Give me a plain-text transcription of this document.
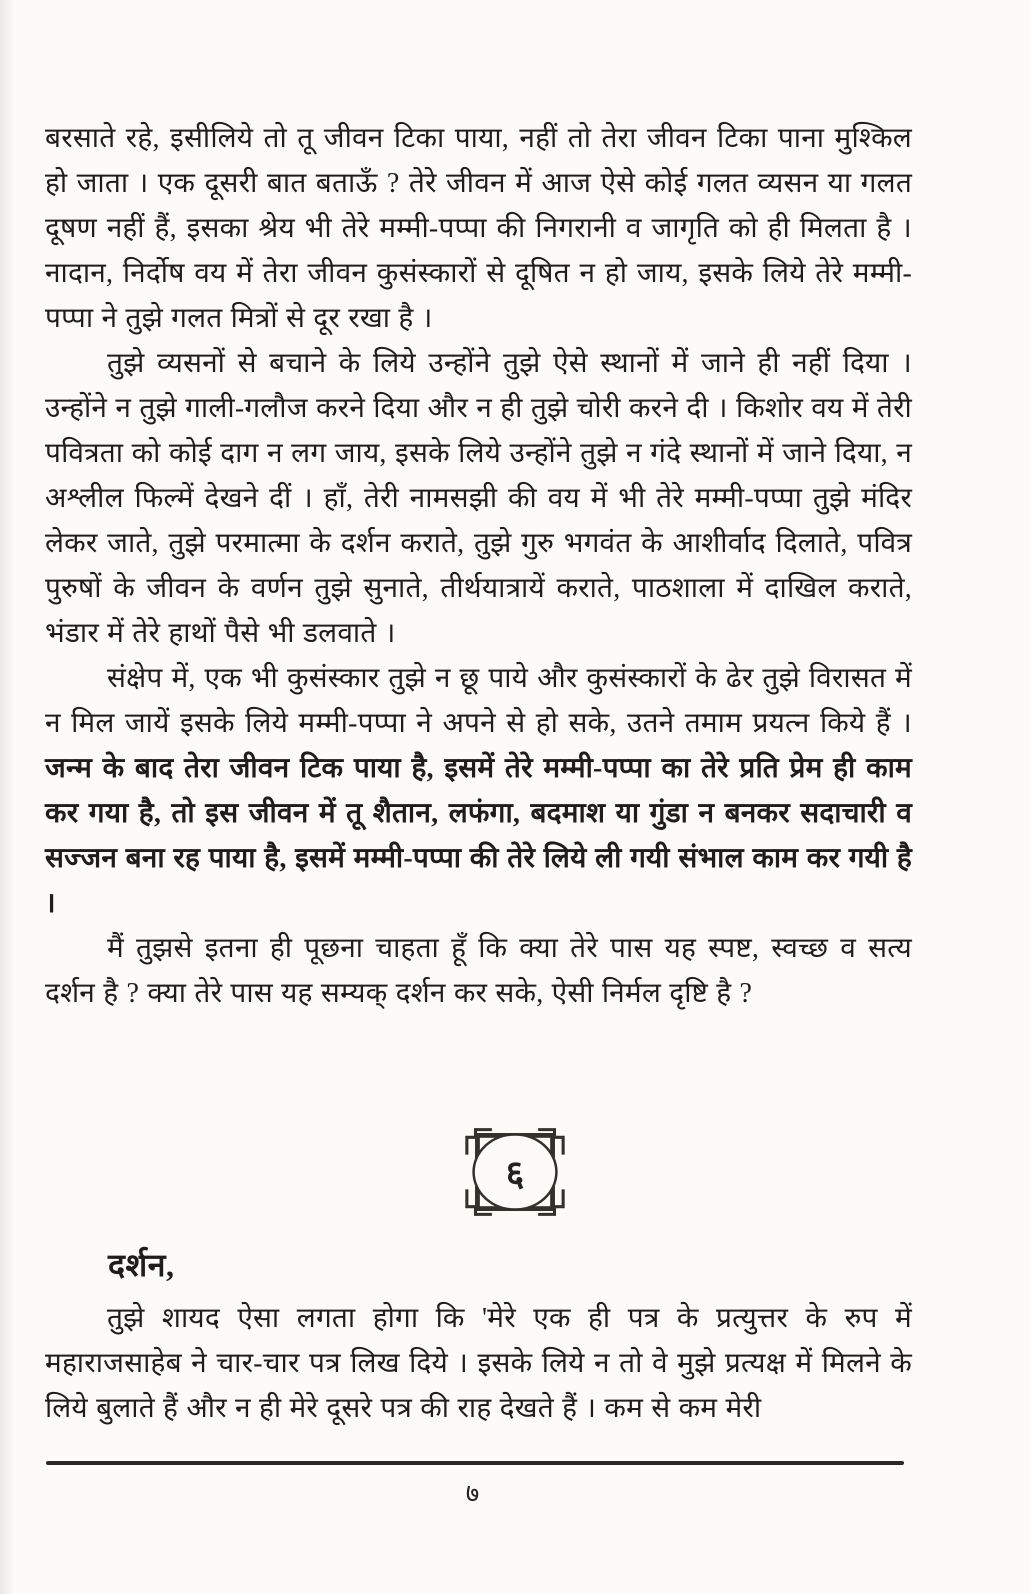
बरसाते रहे, इसीलिये तो तू जीवन टिका पाया, नहीं तो तेरा जीवन टिका पाना मुश्किल हो जाता । एक दूसरी बात बताऊँ ? तेरे जीवन में आज ऐसे कोई गलत व्यसन या गलत दूषण नहीं हैं, इसका श्रेय भी तेरे मम्मी-पप्पा की निगरानी व जागृति को ही मिलता है । नादान, निर्दोष वय में तेरा जीवन कुसंस्कारों से दूषित न हो जाय, इसके लिये तेरे मम्मी-पप्पा ने तुझे गलत मित्रों से दूर रखा है ।

तुझे व्यसनों से बचाने के लिये उन्होंने तुझे ऐसे स्थानों में जाने ही नहीं दिया । उन्होंने न तुझे गाली-गलौज करने दिया और न ही तुझे चोरी करने दी । किशोर वय में तेरी पवित्रता को कोई दाग न लग जाय, इसके लिये उन्होंने तुझे न गंदे स्थानों में जाने दिया, न अश्लील फिल्में देखने दीं । हाँ, तेरी नामसझी की वय में भी तेरे मम्मी-पप्पा तुझे मंदिर लेकर जाते, तुझे परमात्मा के दर्शन कराते, तुझे गुरु भगवंत के आशीर्वाद दिलाते, पवित्र पुरुषों के जीवन के वर्णन तुझे सुनाते, तीर्थयात्रायें कराते, पाठशाला में दाखिल कराते, भंडार में तेरे हाथों पैसे भी डलवाते ।

संक्षेप में, एक भी कुसंस्कार तुझे न छू पाये और कुसंस्कारों के ढेर तुझे विरासत में न मिल जायें इसके लिये मम्मी-पप्पा ने अपने से हो सके, उतने तमाम प्रयत्न किये हैं । जन्म के बाद तेरा जीवन टिक पाया है, इसमें तेरे मम्मी-पप्पा का तेरे प्रति प्रेम ही काम कर गया है, तो इस जीवन में तू शैतान, लफंगा, बदमाश या गुंडा न बनकर सदाचारी व सज्जन बना रह पाया है, इसमें मम्मी-पप्पा की तेरे लिये ली गयी संभाल काम कर गयी है ।

मैं तुझसे इतना ही पूछना चाहता हूँ कि क्या तेरे पास यह स्पष्ट, स्वच्छ व सत्य दर्शन है ? क्या तेरे पास यह सम्यक् दर्शन कर सके, ऐसी निर्मल दृष्टि है ?

६
दर्शन,

तुझे शायद ऐसा लगता होगा कि 'मेरे एक ही पत्र के प्रत्युत्तर के रुप में महाराजसाहेब ने चार-चार पत्र लिख दिये । इसके लिये न तो वे मुझे प्रत्यक्ष में मिलने के लिये बुलाते हैं और न ही मेरे दूसरे पत्र की राह देखते हैं । कम से कम मेरी

७
